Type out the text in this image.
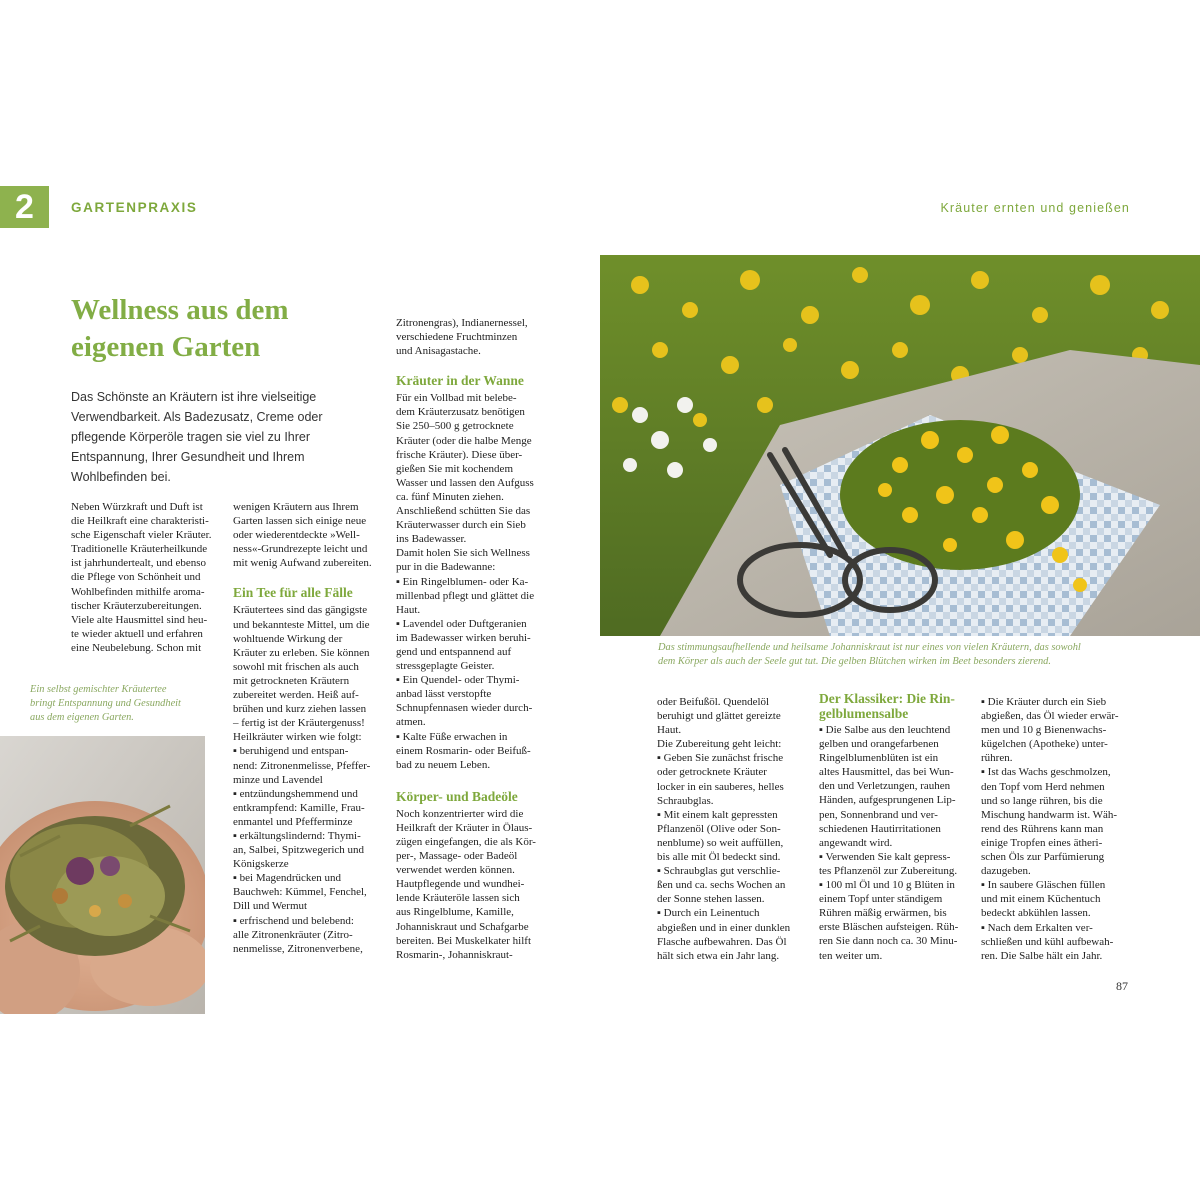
2	GARTENPRAXIS	Kräuter ernten und genießen
Wellness aus dem
eigenen Garten
Das Schönste an Kräutern ist ihre vielseitige Verwendbarkeit. Als Badezusatz, Creme oder pflegende Körperöle tragen sie viel zu Ihrer Entspannung, Ihrer Gesundheit und Ihrem Wohlbefinden bei.
Neben Würzkraft und Duft ist
die Heilkraft eine charakteristi-
sche Eigenschaft vieler Kräuter.
Traditionelle Kräuterheilkunde
ist jahrhundertealt, und ebenso
die Pflege von Schönheit und
Wohlbefinden mithilfe aroma-
tischer Kräuterzubereitungen.
Viele alte Hausmittel sind heu-
te wieder aktuell und erfahren
eine Neubelebung. Schon mit
Ein selbst gemischter Kräutertee
bringt Entspannung und Gesundheit
aus dem eigenen Garten.
wenigen Kräutern aus Ihrem
Garten lassen sich einige neue
oder wiederentdeckte »Well-
ness«-Grundrezepte leicht und
mit wenig Aufwand zubereiten.
Ein Tee für alle Fälle
Kräutertees sind das gängigste
und bekannteste Mittel, um die
wohltuende Wirkung der
Kräuter zu erleben. Sie können
sowohl mit frischen als auch
mit getrockneten Kräutern
zubereitet werden. Heiß auf-
brühen und kurz ziehen lassen
– fertig ist der Kräutergenuss!
Heilkräuter wirken wie folgt:
▪ beruhigend und entspan-
nend: Zitronenmelisse, Pfeffer-
minze und Lavendel
▪ entzündungshemmend und
entkrampfend: Kamille, Frau-
enmantel und Pfefferminze
▪ erkältungslindernd: Thymi-
an, Salbei, Spitzwegerich und
Königskerze
▪ bei Magendrücken und
Bauchweh: Kümmel, Fenchel,
Dill und Wermut
▪ erfrischend und belebend:
alle Zitronenkräuter (Zitro-
nenmelisse, Zitronenverbene,
Zitronengras), Indianernessel,
verschiedene Fruchtminzen
und Anisagastache.
Kräuter in der Wanne
Für ein Vollbad mit belebe-
dem Kräuterzusatz benötigen
Sie 250–500 g getrocknete
Kräuter (oder die halbe Menge
frische Kräuter). Diese über-
gießen Sie mit kochendem
Wasser und lassen den Aufguss
ca. fünf Minuten ziehen.
Anschließend schütten Sie das
Kräuterwasser durch ein Sieb
ins Badewasser.
Damit holen Sie sich Wellness
pur in die Badewanne:
▪ Ein Ringelblumen- oder Ka-
millenbad pflegt und glättet die
Haut.
▪ Lavendel oder Duftgeranien
im Badewasser wirken beruhi-
gend und entspannend auf
stressgeplagte Geister.
▪ Ein Quendel- oder Thymi-
anbad lässt verstopfte
Schnupfennasen wieder durch-
atmen.
▪ Kalte Füße erwachen in
einem Rosmarin- oder Beifuß-
bad zu neuem Leben.
Körper- und Badeöle
Noch konzentrierter wird die
Heilkraft der Kräuter in Ölaus-
zügen eingefangen, die als Kör-
per-, Massage- oder Badeöl
verwendet werden können.
Hautpflegende und wundhei-
lende Kräuteröle lassen sich
aus Ringelblume, Kamille,
Johanniskraut und Schafgarbe
bereiten. Bei Muskelkater hilft
Rosmarin-, Johanniskraut-
Das stimmungsaufhellende und heilsame Johanniskraut ist nur eines von vielen Kräutern, das sowohl
dem Körper als auch der Seele gut tut. Die gelben Blütchen wirken im Beet besonders zierend.
oder Beifußöl. Quendelöl
beruhigt und glättet gereizte
Haut.
Die Zubereitung geht leicht:
▪ Geben Sie zunächst frische
oder getrocknete Kräuter
locker in ein sauberes, helles
Schraubglas.
▪ Mit einem kalt gepressten
Pflanzenöl (Olive oder Son-
nenblume) so weit auffüllen,
bis alle mit Öl bedeckt sind.
▪ Schraubglas gut verschlie-
ßen und ca. sechs Wochen an
der Sonne stehen lassen.
▪ Durch ein Leinentuch
abgießen und in einer dunklen
Flasche aufbewahren. Das Öl
hält sich etwa ein Jahr lang.
Der Klassiker: Die Rin-
gelblumensalbe
▪ Die Salbe aus den leuchtend
gelben und orangefarbenen
Ringelblumenblüten ist ein
altes Hausmittel, das bei Wun-
den und Verletzungen, rauhen
Händen, aufgesprungenen Lip-
pen, Sonnenbrand und ver-
schiedenen Hautirritationen
angewandt wird.
▪ Verwenden Sie kalt gepress-
tes Pflanzenöl zur Zubereitung.
▪ 100 ml Öl und 10 g Blüten in
einem Topf unter ständigem
Rühren mäßig erwärmen, bis
erste Bläschen aufsteigen. Rüh-
ren Sie dann noch ca. 30 Minu-
ten weiter um.
▪ Die Kräuter durch ein Sieb
abgießen, das Öl wieder erwär-
men und 10 g Bienenwachs-
kügelchen (Apotheke) unter-
rühren.
▪ Ist das Wachs geschmolzen,
den Topf vom Herd nehmen
und so lange rühren, bis die
Mischung handwarm ist. Wäh-
rend des Rührens kann man
einige Tropfen eines ätheri-
schen Öls zur Parfümierung
dazugeben.
▪ In saubere Gläschen füllen
und mit einem Küchentuch
bedeckt abkühlen lassen.
▪ Nach dem Erkalten ver-
schließen und kühl aufbewah-
ren. Die Salbe hält ein Jahr.
87
